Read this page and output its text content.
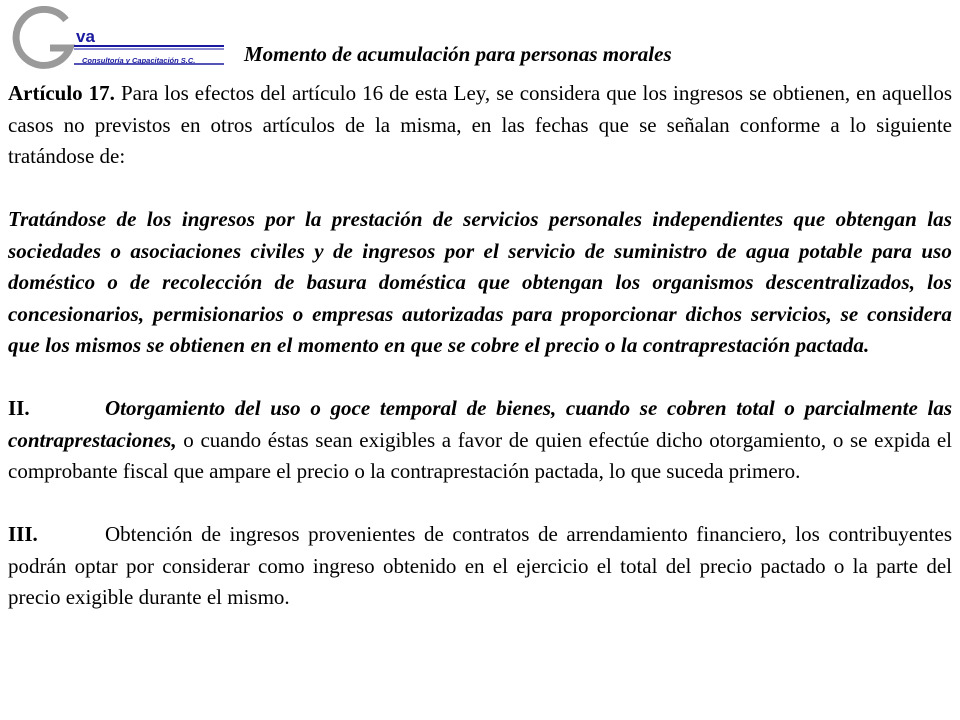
va
Consultoría y Capacitación S.C. Momento de acumulación para personas morales

Artículo 17. Para los efectos del artículo 16 de esta Ley, se considera que los ingresos se obtienen, en aquellos casos no previstos en otros artículos de la misma, en las fechas que se señalan conforme a lo siguiente tratándose de:

Tratándose de los ingresos por la prestación de servicios personales independientes que obtengan las sociedades o asociaciones civiles y de ingresos por el servicio de suministro de agua potable para uso doméstico o de recolección de basura doméstica que obtengan los organismos descentralizados, los concesionarios, permisionarios o empresas autorizadas para proporcionar dichos servicios, se considera que los mismos se obtienen en el momento en que se cobre el precio o la contraprestación pactada.

II.	Otorgamiento del uso o goce temporal de bienes, cuando se cobren total o parcialmente las contraprestaciones, o cuando éstas sean exigibles a favor de quien efectúe dicho otorgamiento, o se expida el comprobante fiscal que ampare el precio o la contraprestación pactada, lo que suceda primero.

III.	Obtención de ingresos provenientes de contratos de arrendamiento financiero, los contribuyentes podrán optar por considerar como ingreso obtenido en el ejercicio el total del precio pactado o la parte del precio exigible durante el mismo.
